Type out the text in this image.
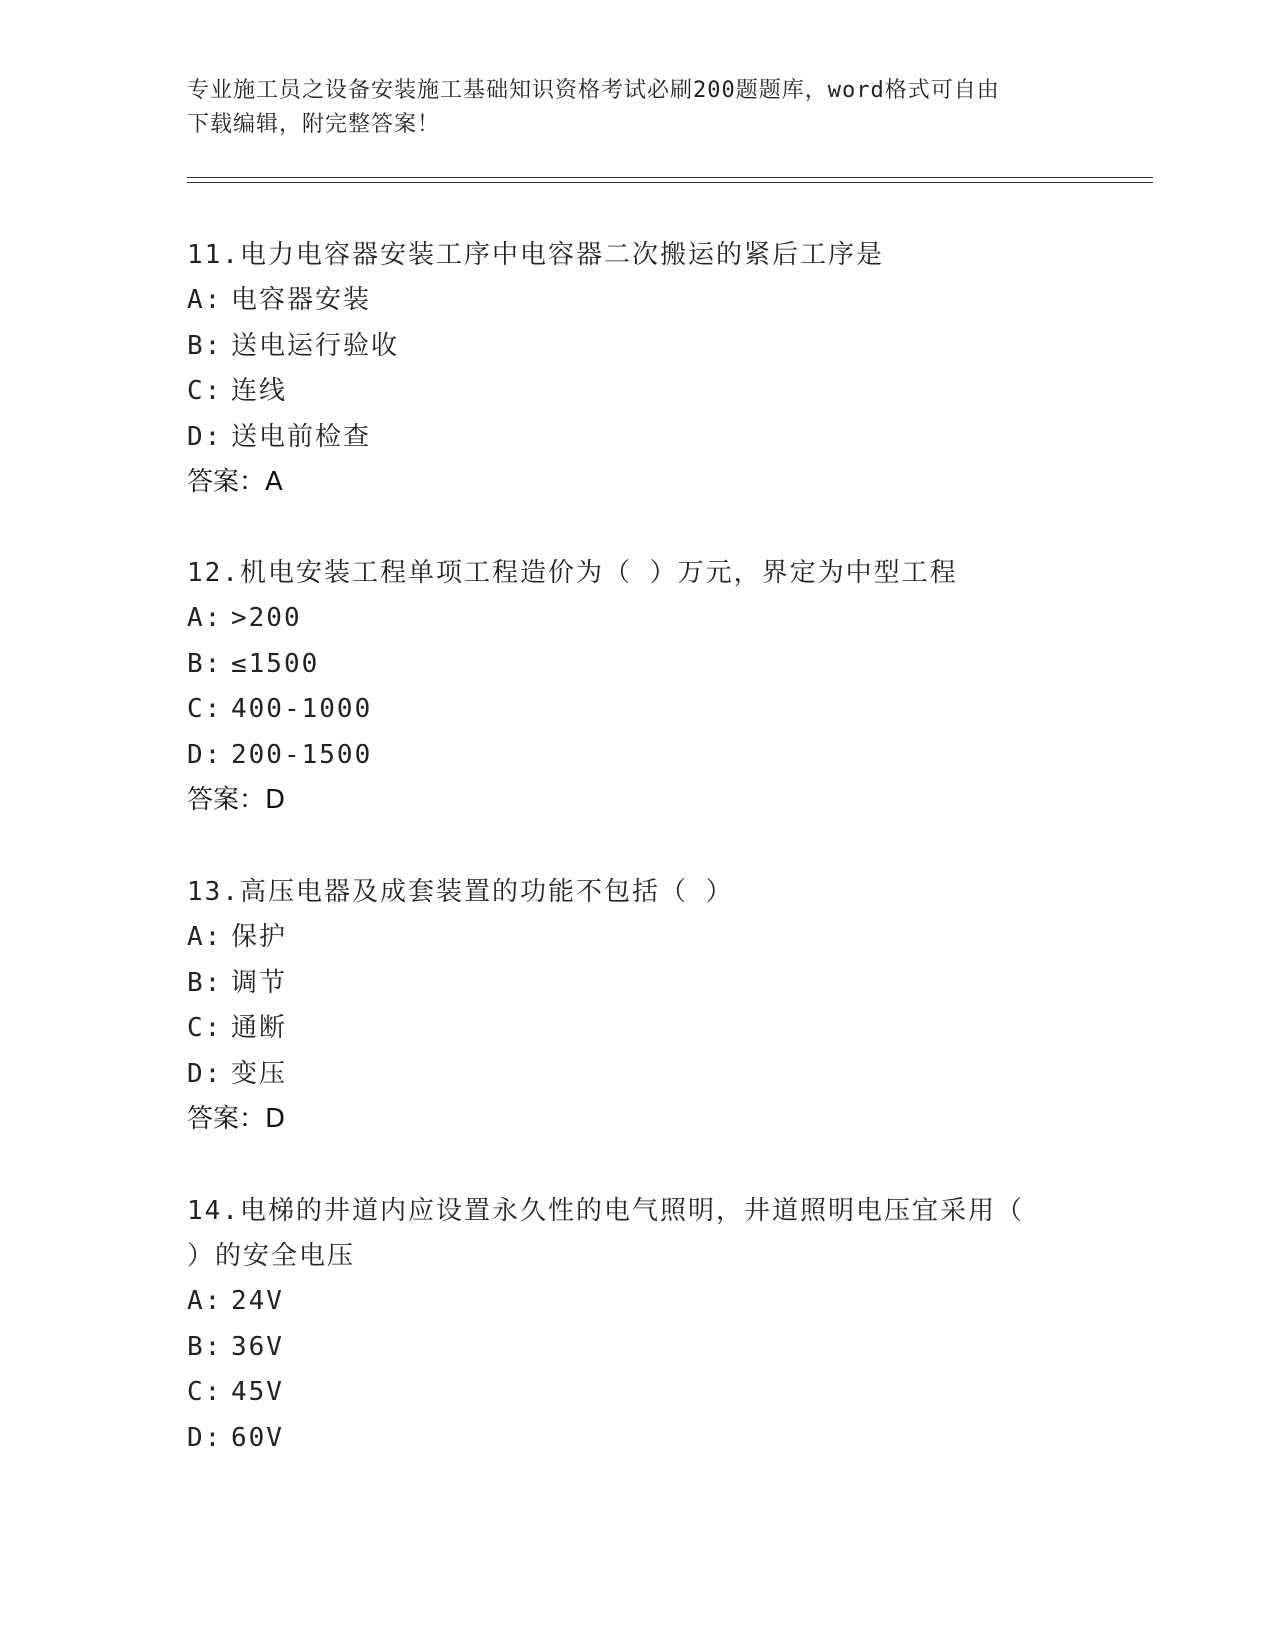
专业施工员之设备安装施工基础知识资格考试必刷200题题库，word格式可自由
下载编辑，附完整答案！

11.电力电容器安装工序中电容器二次搬运的紧后工序是

A: 电容器安装

B: 送电运行验收

C: 连线

D: 送电前检查

答案：A

12.机电安装工程单项工程造价为（ ）万元，界定为中型工程

A: >200

B: ≤1500

C: 400-1000

D: 200-1500

答案：D

13.高压电器及成套装置的功能不包括（ ）

A: 保护

B: 调节

C: 通断

D: 变压

答案：D

14.电梯的井道内应设置永久性的电气照明，井道照明电压宜采用（

）的安全电压

A: 24V

B: 36V

C: 45V

D: 60V
